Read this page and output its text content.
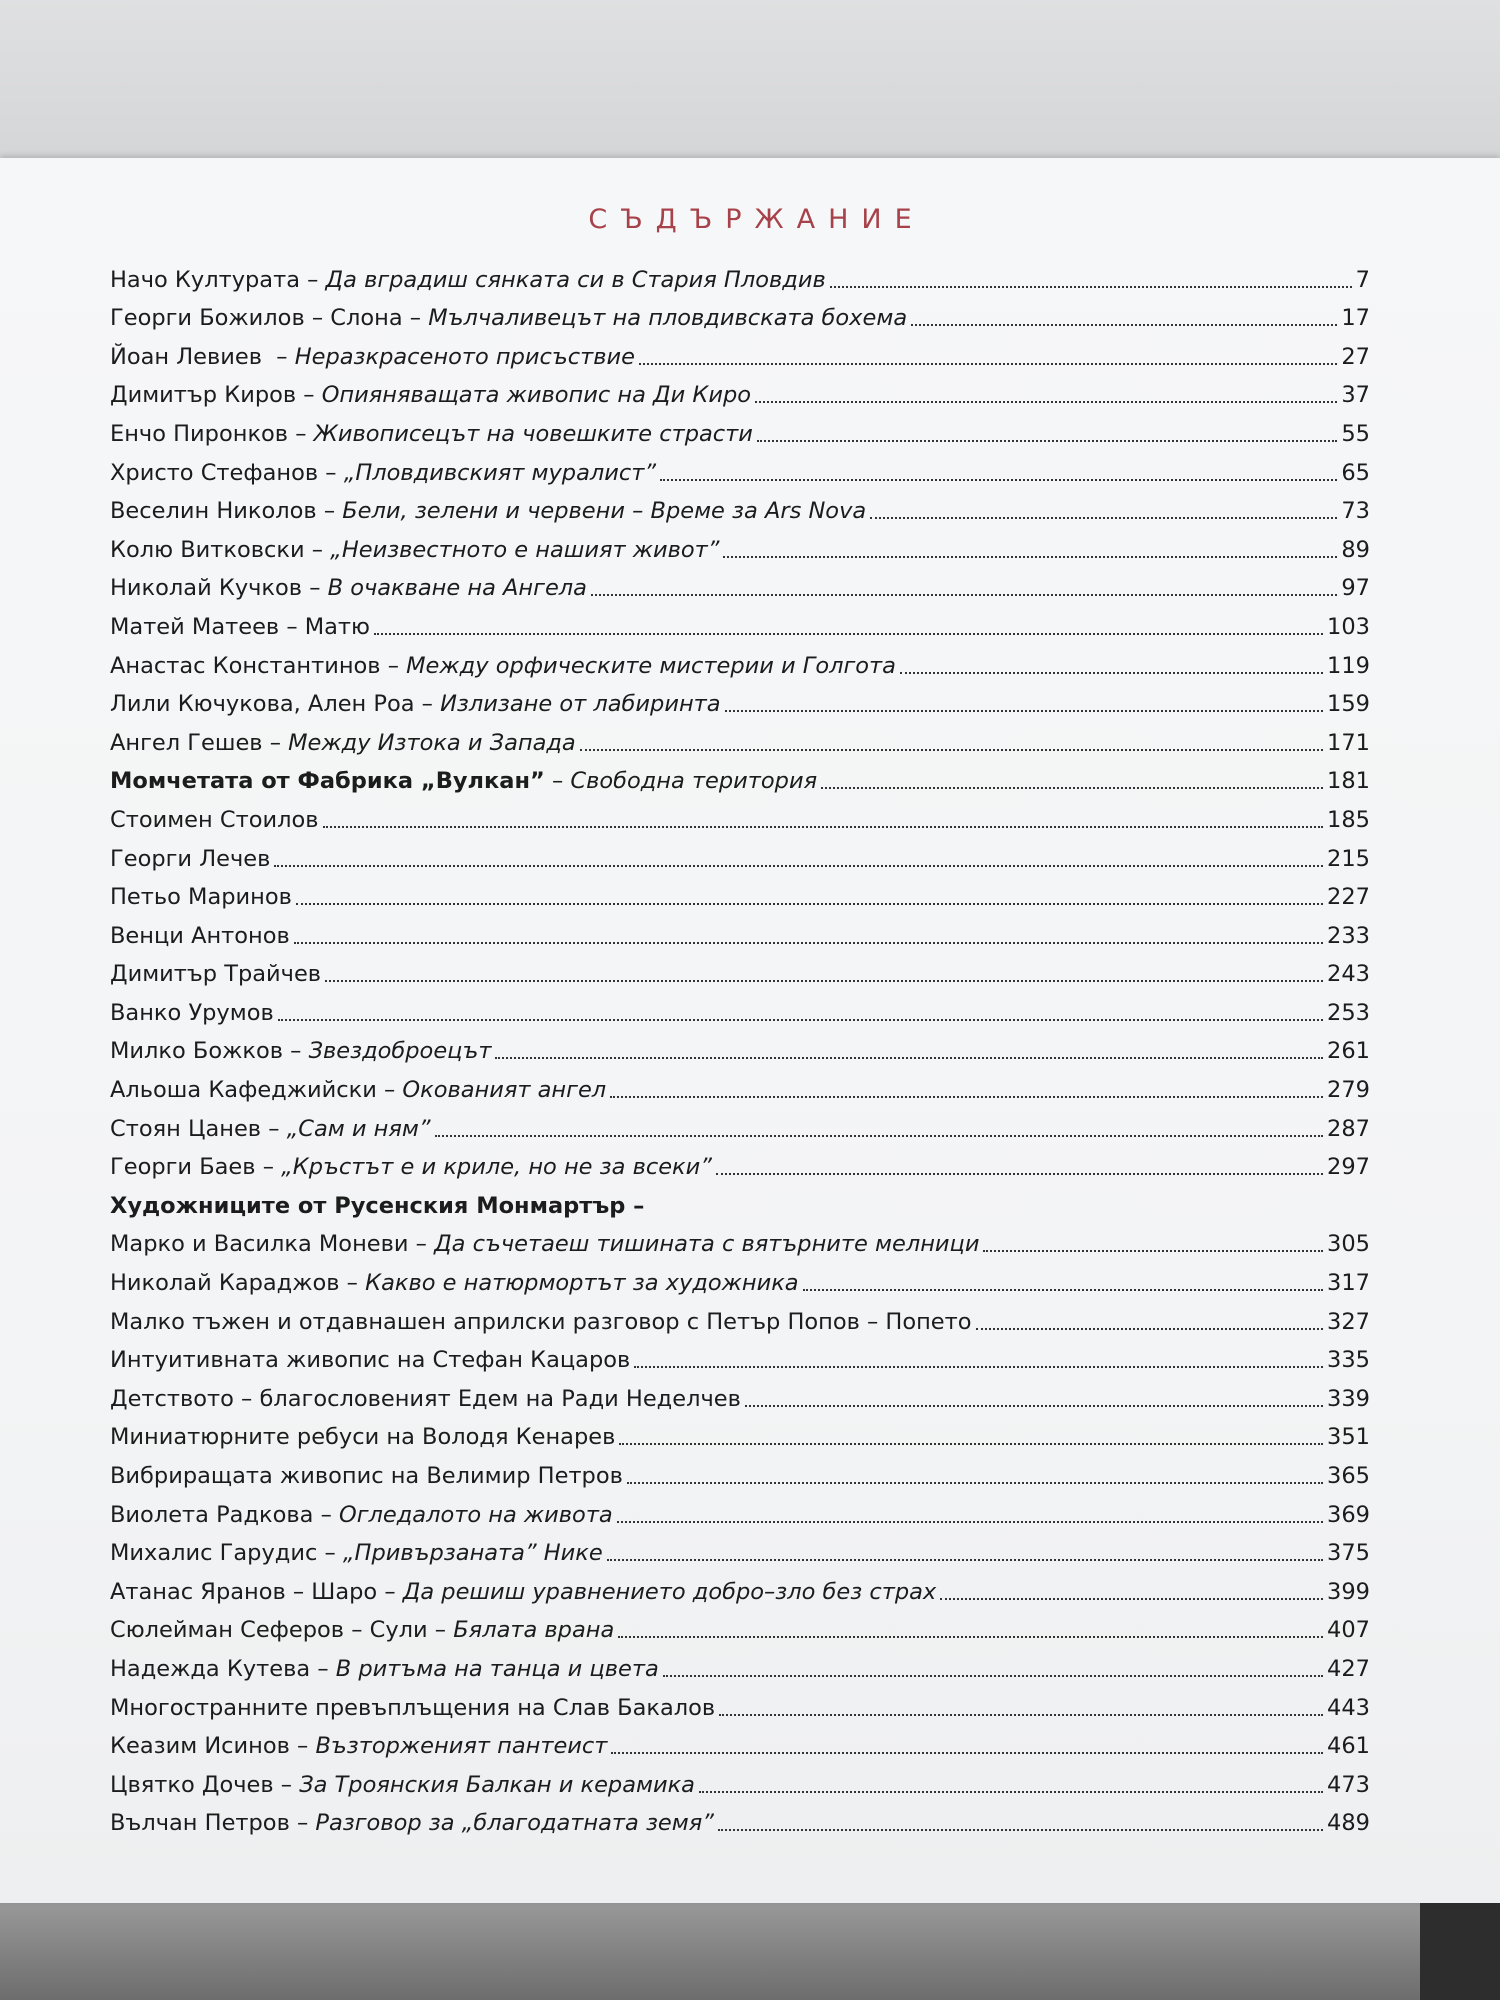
СЪДЪРЖАНИЕ
Начо Културата – Да вградиш сянката си в Стария Пловдив	7
Георги Божилов – Слона – Мълчаливецът на пловдивската бохема	17
Йоан Левиев  – Неразкрасеното присъствие	27
Димитър Киров – Опияняващата живопис на Ди Киро	37
Енчо Пиронков – Живописецът на човешките страсти	55
Христо Стефанов – „Пловдивският муралист”	65
Веселин Николов – Бели, зелени и червени – Време за Ars Nova	73
Колю Витковски – „Неизвестното е нашият живот”	89
Николай Кучков – В очакване на Ангела	97
Матей Матеев – Матю	103
Анастас Константинов – Между орфическите мистерии и Голгота	119
Лили Кючукова, Ален Роа – Излизане от лабиринта	159
Ангел Гешев – Между Изтока и Запада	171
Момчетата от Фабрика „Вулкан” – Свободна територия	181
Стоимен Стоилов	185
Георги Лечев	215
Петьо Маринов	227
Венци Антонов	233
Димитър Трайчев	243
Ванко Урумов	253
Милко Божков – Звездоброецът	261
Альоша Кафеджийски – Окованият ангел	279
Стоян Цанев – „Сам и ням”	287
Георги Баев – „Кръстът е и криле, но не за всеки”	297
Художниците от Русенския Монмартър –
Марко и Василка Моневи – Да съчетаеш тишината с вятърните мелници	305
Николай Караджов – Какво е натюрмортът за художника	317
Малко тъжен и отдавнашен априлски разговор с Петър Попов – Попето	327
Интуитивната живопис на Стефан Кацаров	335
Детството – благословеният Едем на Ради Неделчев	339
Миниатюрните ребуси на Володя Кенарев	351
Вибриращата живопис на Велимир Петров	365
Виолета Радкова – Огледалото на живота	369
Михалис Гарудис – „Привързаната” Нике	375
Атанас Яранов – Шаро – Да решиш уравнението добро–зло без страх	399
Сюлейман Сеферов – Сули – Бялата врана	407
Надежда Кутева – В ритъма на танца и цвета	427
Многостранните превъплъщения на Слав Бакалов	443
Кеазим Исинов – Възторженият пантеист	461
Цвятко Дочев – За Троянския Балкан и керамика	473
Вълчан Петров – Разговор за „благодатната земя”	489
